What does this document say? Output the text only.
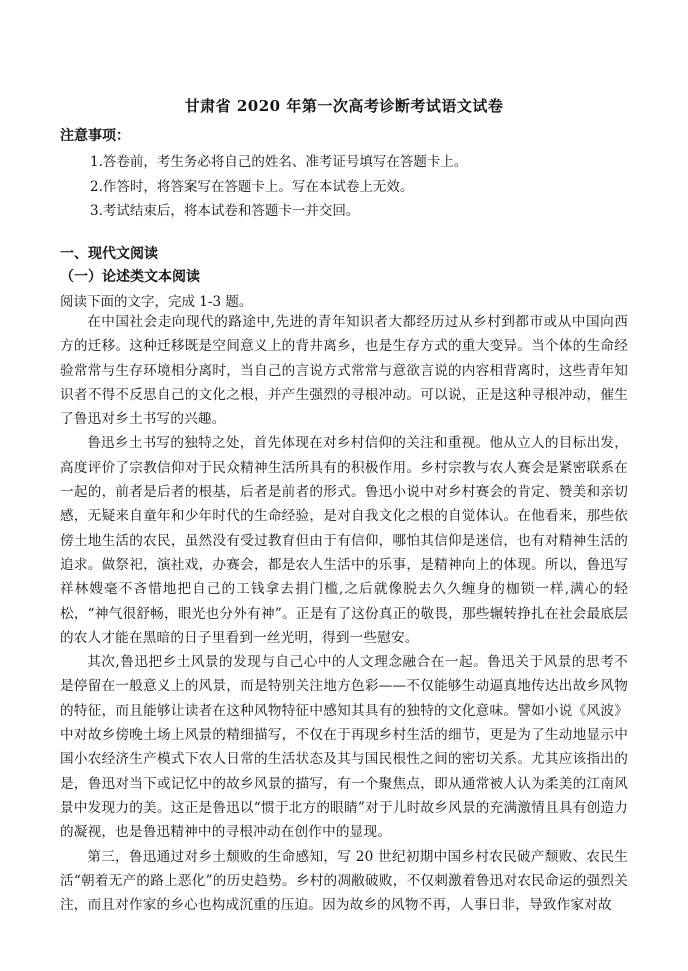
甘肃省 2020 年第一次高考诊断考试语文试卷
注意事项：
1.答卷前，考生务必将自己的姓名、准考证号填写在答题卡上。
2.作答时，将答案写在答题卡上。写在本试卷上无效。
3.考试结束后，将本试卷和答题卡一并交回。
一、现代文阅读
（一）论述类文本阅读
阅读下面的文字，完成 1-3 题。

在中国社会走向现代的路途中,先进的青年知识者大都经历过从乡村到都市或从中国向西方的迁移。这种迁移既是空间意义上的背井离乡，也是生存方式的重大变异。当个体的生命经验常常与生存环境相分离时，当自己的言说方式常常与意欲言说的内容相背离时，这些青年知识者不得不反思自己的文化之根，并产生强烈的寻根冲动。可以说，正是这种寻根冲动，催生了鲁迅对乡土书写的兴趣。

鲁迅乡土书写的独特之处，首先体现在对乡村信仰的关注和重视。他从立人的目标出发，高度评价了宗教信仰对于民众精神生活所具有的积极作用。乡村宗教与农人赛会是紧密联系在一起的，前者是后者的根基，后者是前者的形式。鲁迅小说中对乡村赛会的肯定、赞美和亲切感，无疑来自童年和少年时代的生命经验，是对自我文化之根的自觉体认。在他看来，那些依傍土地生活的农民，虽然没有受过教育但由于有信仰，哪怕其信仰是迷信，也有对精神生活的追求。做祭祀，演社戏，办赛会，都是农人生活中的乐事，是精神向上的体现。所以，鲁迅写祥林嫂毫不吝惜地把自己的工钱拿去捐门槛,之后就像脱去久久缠身的枷锁一样,满心的轻松，“神气很舒畅，眼光也分外有神”。正是有了这份真正的敬畏，那些辗转挣扎在社会最底层的农人才能在黑暗的日子里看到一丝光明，得到一些慰安。

其次,鲁迅把乡土风景的发现与自己心中的人文理念融合在一起。鲁迅关于风景的思考不是停留在一般意义上的风景，而是特别关注地方色彩——不仅能够生动逼真地传达出故乡风物的特征，而且能够让读者在这种风物特征中感知其具有的独特的文化意味。譬如小说《风波》中对故乡傍晚土场上风景的精细描写，不仅在于再现乡村生活的细节，更是为了生动地显示中国小农经济生产模式下农人日常的生活状态及其与国民根性之间的密切关系。尤其应该指出的是，鲁迅对当下或记忆中的故乡风景的描写，有一个聚焦点，即从通常被人认为柔美的江南风景中发现力的美。这正是鲁迅以“惯于北方的眼睛”对于儿时故乡风景的充满激情且具有创造力的凝视，也是鲁迅精神中的寻根冲动在创作中的显现。

第三，鲁迅通过对乡土颓败的生命感知，写 20 世纪初期中国乡村农民破产颓败、农民生活“朝着无产的路上恶化”的历史趋势。乡村的凋敝破败，不仅刺激着鲁迅对农民命运的强烈关注，而且对作家的乡心也构成沉重的压迫。因为故乡的风物不再，人事日非，导致作家对故
